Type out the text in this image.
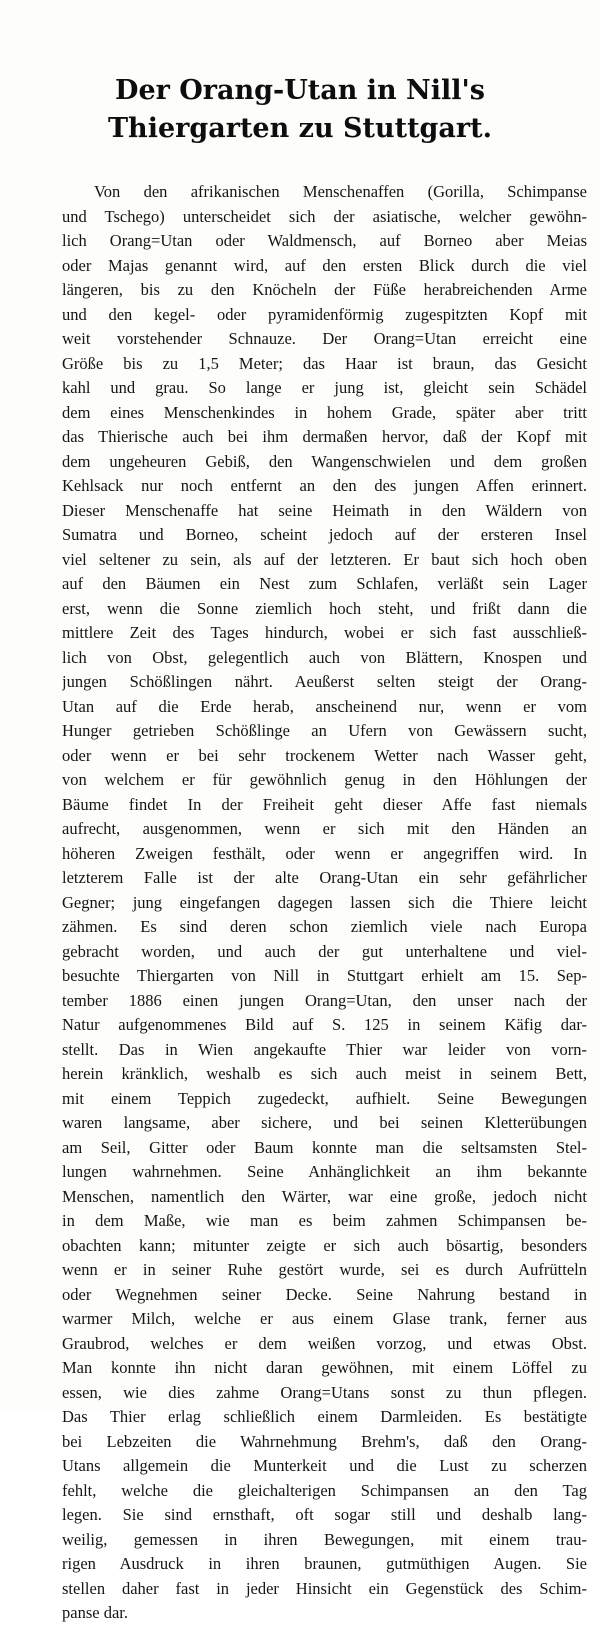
Der Orang-Utan in Nill's Thiergarten zu Stuttgart.
Von den afrikanischen Menschenaffen (Gorilla, Schimpanse
und Tschego) unterscheidet sich der asiatische, welcher gewöhn-
lich Orang=Utan oder Waldmensch, auf Borneo aber Meias
oder Majas genannt wird, auf den ersten Blick durch die viel
längeren, bis zu den Knöcheln der Füße herabreichenden Arme
und den kegel- oder pyramidenförmig zugespitzten Kopf mit
weit vorstehender Schnauze. Der Orang=Utan erreicht eine
Größe bis zu 1,5 Meter; das Haar ist braun, das Gesicht
kahl und grau. So lange er jung ist, gleicht sein Schädel
dem eines Menschenkindes in hohem Grade, später aber tritt
das Thierische auch bei ihm dermaßen hervor, daß der Kopf mit
dem ungeheuren Gebiß, den Wangenschwielen und dem großen
Kehlsack nur noch entfernt an den des jungen Affen erinnert.
Dieser Menschenaffe hat seine Heimath in den Wäldern von
Sumatra und Borneo, scheint jedoch auf der ersteren Insel
viel seltener zu sein, als auf der letzteren. Er baut sich hoch oben
auf den Bäumen ein Nest zum Schlafen, verläßt sein Lager
erst, wenn die Sonne ziemlich hoch steht, und frißt dann die
mittlere Zeit des Tages hindurch, wobei er sich fast ausschließ-
lich von Obst, gelegentlich auch von Blättern, Knospen und
jungen Schößlingen nährt. Aeußerst selten steigt der Orang-
Utan auf die Erde herab, anscheinend nur, wenn er vom
Hunger getrieben Schößlinge an Ufern von Gewässern sucht,
oder wenn er bei sehr trockenem Wetter nach Wasser geht,
von welchem er für gewöhnlich genug in den Höhlungen der
Bäume findet In der Freiheit geht dieser Affe fast niemals
aufrecht, ausgenommen, wenn er sich mit den Händen an
höheren Zweigen festhält, oder wenn er angegriffen wird. In
letzterem Falle ist der alte Orang-Utan ein sehr gefährlicher
Gegner; jung eingefangen dagegen lassen sich die Thiere leicht
zähmen. Es sind deren schon ziemlich viele nach Europa
gebracht worden, und auch der gut unterhaltene und viel-
besuchte Thiergarten von Nill in Stuttgart erhielt am 15. Sep-
tember 1886 einen jungen Orang=Utan, den unser nach der
Natur aufgenommenes Bild auf S. 125 in seinem Käfig dar-
stellt. Das in Wien angekaufte Thier war leider von vorn-
herein kränklich, weshalb es sich auch meist in seinem Bett,
mit einem Teppich zugedeckt, aufhielt. Seine Bewegungen
waren langsame, aber sichere, und bei seinen Kletterübungen
am Seil, Gitter oder Baum konnte man die seltsamsten Stel-
lungen wahrnehmen. Seine Anhänglichkeit an ihm bekannte
Menschen, namentlich den Wärter, war eine große, jedoch nicht
in dem Maße, wie man es beim zahmen Schimpansen be-
obachten kann; mitunter zeigte er sich auch bösartig, besonders
wenn er in seiner Ruhe gestört wurde, sei es durch Aufrütteln
oder Wegnehmen seiner Decke. Seine Nahrung bestand in
warmer Milch, welche er aus einem Glase trank, ferner aus
Graubrod, welches er dem weißen vorzog, und etwas Obst.
Man konnte ihn nicht daran gewöhnen, mit einem Löffel zu
essen, wie dies zahme Orang=Utans sonst zu thun pflegen.
Das Thier erlag schließlich einem Darmleiden. Es bestätigte
bei Lebzeiten die Wahrnehmung Brehm's, daß den Orang-
Utans allgemein die Munterkeit und die Lust zu scherzen
fehlt, welche die gleichalterigen Schimpansen an den Tag
legen. Sie sind ernsthaft, oft sogar still und deshalb lang-
weilig, gemessen in ihren Bewegungen, mit einem trau-
rigen Ausdruck in ihren braunen, gutmüthigen Augen. Sie
stellen daher fast in jeder Hinsicht ein Gegenstück des Schim-
panse dar.
